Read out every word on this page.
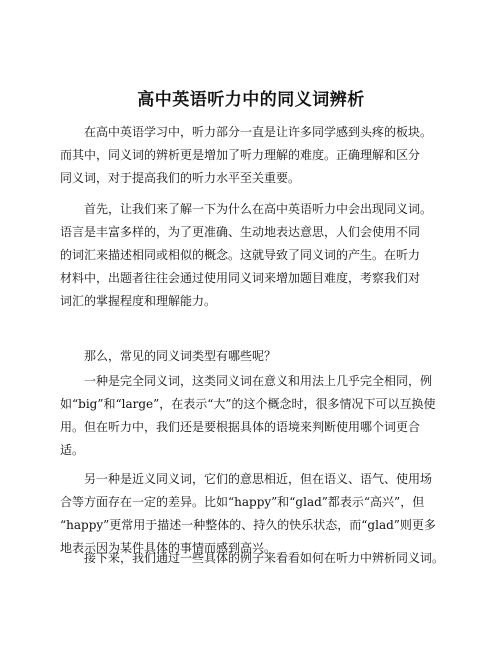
高中英语听力中的同义词辨析
在高中英语学习中，听力部分一直是让许多同学感到头疼的板块。
而其中，同义词的辨析更是增加了听力理解的难度。正确理解和区分
同义词，对于提高我们的听力水平至关重要。
首先，让我们来了解一下为什么在高中英语听力中会出现同义词。
语言是丰富多样的，为了更准确、生动地表达意思，人们会使用不同
的词汇来描述相同或相似的概念。这就导致了同义词的产生。在听力
材料中，出题者往往会通过使用同义词来增加题目难度，考察我们对
词汇的掌握程度和理解能力。
那么，常见的同义词类型有哪些呢？
一种是完全同义词，这类同义词在意义和用法上几乎完全相同，例
如“big”和“large”，在表示“大”的这个概念时，很多情况下可以互换使
用。但在听力中，我们还是要根据具体的语境来判断使用哪个词更合
适。
另一种是近义同义词，它们的意思相近，但在语义、语气、使用场
合等方面存在一定的差异。比如“happy”和“glad”都表示“高兴”，但
“happy”更常用于描述一种整体的、持久的快乐状态，而“glad”则更多
地表示因为某件具体的事情而感到高兴。
接下来，我们通过一些具体的例子来看看如何在听力中辨析同义词。
